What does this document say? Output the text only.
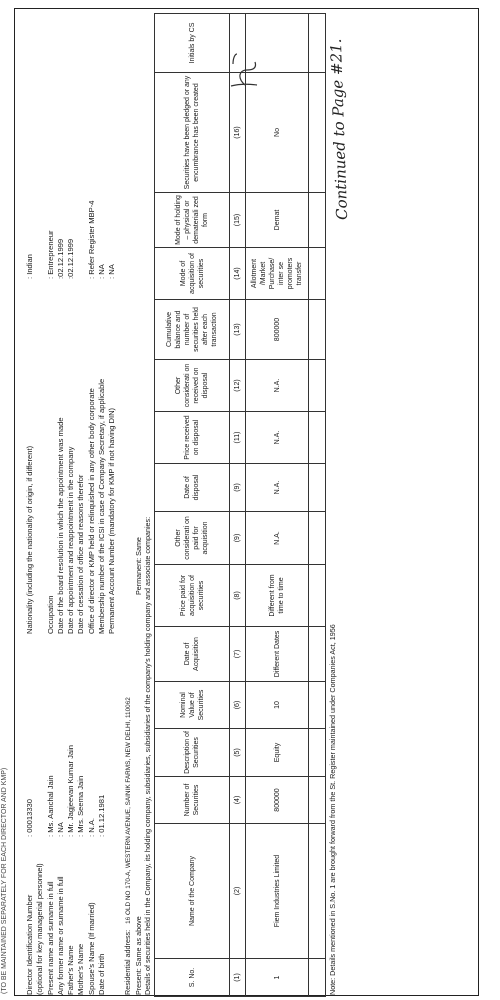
(TO BE MAINTAINED SEPARATELY FOR EACH DIRECTOR AND KMP) Director Identification Number
: 00013330
(optional for key managerial personnel) Present name and surname in full
: Ms. Aanchal Jain
Any former name or surname in full
: NA
Father's Name
: Mr. Jagjeevan Kumar Jain
Mother's Name
: Mrs. Seema Jain
Spouse's Name (If married)
: N.A.
Date of birth
: 01.12.1981
Nationality (including the nationality of origin, if different)
: Indian

Occupation
: Entrepreneur
Date of the board resolution in which the appointment was made
:02.12.1999
Date of appointment and reappointment in the company
:02.12.1999
Date of cessation of office and reasons therefor Office of director or KMP held or relinquished in any other body corporate
: Refer Register MBP-4
Membership number of the ICSI in case of Company Secretary, if applicable
: NA
Permanent Account Number (mandatory for KMP if not having DIN)
: NA
Residential address:   16 OLD NO 170-A, WESTERN AVENUE, SAINIK FARMS, NEW DELHI, 110062
Present: Same as above
Permanent: Same Details of securities held in the Company, its holding company, subsidiaries, subsidiaries of the company's holding company and associate companies:	S. No.	Name of the Company	Number of Securities	Description of Securities	Nominal Value of Securities	Date of Acquisition	Price paid for acquisition of securities	Other considerati on paid for acquisition	Date of disposal	Price received on disposal	Other considerati on received on disposal	Cumulative balance and number of securities held after each transaction	Mode of acquisition of securities	Mode of holding – physical or demateriali zed form	Securities have been pledged or any encumbrance has been created	Initials by CS
(1)	(2)	(4)	(5)	(6)	(7)	(8)	(9)	(9)	(11)	(12)	(13)	(14)	(15)	(16)	
1	Fiem Industries Limited	800000	Equity	10	Different Dates	Different from time to time	N.A.	N.A.	N.A.	N.A.	800000	Allotment /Market Purchase/ inter se promoters transfer	Demat	No	

Note: Details mentioned in S.No. 1 are brought forward from the St. Register maintained under Companies Act, 1956
Continued to Page #21.
